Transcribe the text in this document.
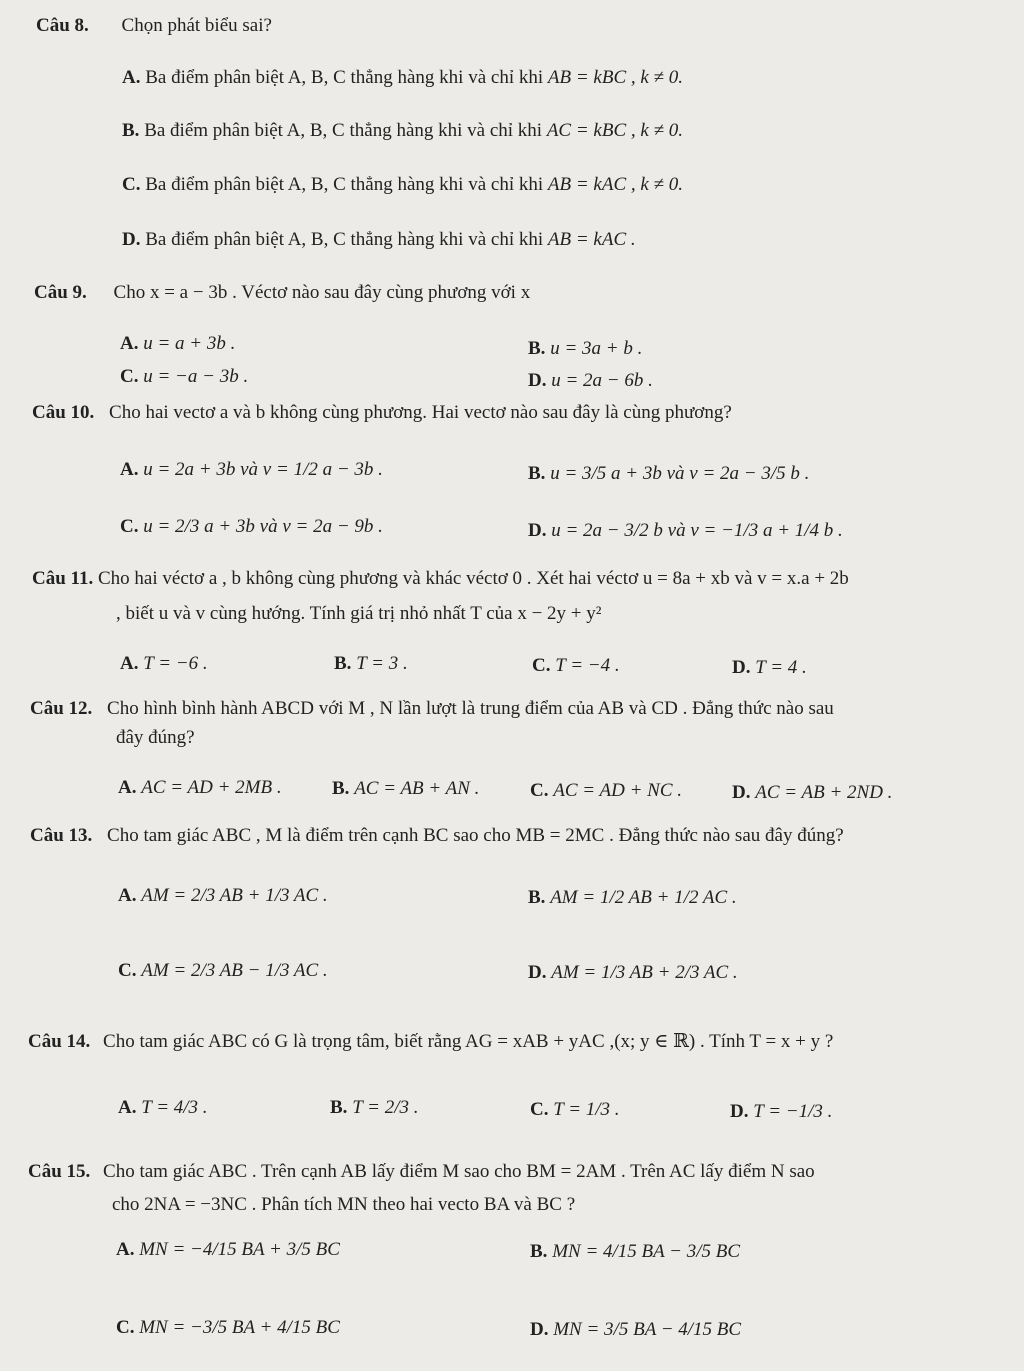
Câu 8. Chọn phát biểu sai?
A. Ba điểm phân biệt A, B, C thẳng hàng khi và chỉ khi AB = kBC , k ≠ 0.
B. Ba điểm phân biệt A, B, C thẳng hàng khi và chỉ khi AC = kBC , k ≠ 0.
C. Ba điểm phân biệt A, B, C thẳng hàng khi và chỉ khi AB = kAC , k ≠ 0.
D. Ba điểm phân biệt A, B, C thẳng hàng khi và chỉ khi AB = kAC .
Câu 9. Cho x = a − 3b . Véctơ nào sau đây cùng phương với x
A. u = a + 3b .	B. u = 3a + b .
C. u = −a − 3b .	D. u = 2a − 6b .
Câu 10. Cho hai vectơ a và b không cùng phương. Hai vectơ nào sau đây là cùng phương?
A. u = 2a + 3b và v = 1/2 a − 3b .	B. u = 3/5 a + 3b và v = 2a − 3/5 b .
C. u = 2/3 a + 3b và v = 2a − 9b .	D. u = 2a − 3/2 b và v = −1/3 a + 1/4 b .
Câu 11. Cho hai véctơ a , b không cùng phương và khác véctơ 0 . Xét hai véctơ u = 8a + xb và v = x.a + 2b
, biết u và v cùng hướng. Tính giá trị nhỏ nhất T của x − 2y + y²
A. T = −6 .	B. T = 3 .	C. T = −4 .	D. T = 4 .
Câu 12. Cho hình bình hành ABCD với M , N lần lượt là trung điểm của AB và CD . Đẳng thức nào sau
đây đúng?
A. AC = AD + 2MB .	B. AC = AB + AN .	C. AC = AD + NC .	D. AC = AB + 2ND .
Câu 13. Cho tam giác ABC , M là điểm trên cạnh BC sao cho MB = 2MC . Đẳng thức nào sau đây đúng?
A. AM = 2/3 AB + 1/3 AC .	B. AM = 1/2 AB + 1/2 AC .
C. AM = 2/3 AB − 1/3 AC .	D. AM = 1/3 AB + 2/3 AC .
Câu 14. Cho tam giác ABC có G là trọng tâm, biết rằng AG = xAB + yAC ,(x; y ∈ ℝ) . Tính T = x + y ?
A. T = 4/3 .	B. T = 2/3 .	C. T = 1/3 .	D. T = −1/3 .
Câu 15. Cho tam giác ABC . Trên cạnh AB lấy điểm M sao cho BM = 2AM . Trên AC lấy điểm N sao
cho 2NA = −3NC . Phân tích MN theo hai vecto BA và BC ?
A. MN = −4/15 BA + 3/5 BC	B. MN = 4/15 BA − 3/5 BC
C. MN = −3/5 BA + 4/15 BC	D. MN = 3/5 BA − 4/15 BC
